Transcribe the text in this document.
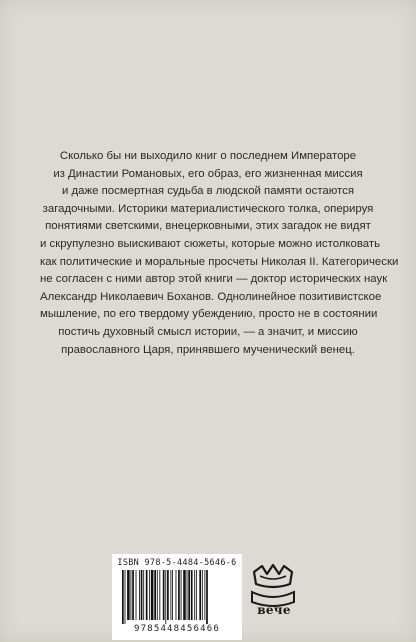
Сколько бы ни выходило книг о последнем Императоре
из Династии Романовых, его образ, его жизненная миссия
и даже посмертная судьба в людской памяти остаются
загадочными. Историки материалистического толка, оперируя
понятиями светскими, внецерковными, этих загадок не видят
и скрупулезно выискивают сюжеты, которые можно истолковать
как политические и моральные просчеты Николая II. Категорически
не согласен с ними автор этой книги — доктор исторических наук
Александр Николаевич Боханов. Однолинейное позитивистское
мышление, по его твердому убеждению, просто не в состоянии
постичь духовный смысл истории, — а значит, и миссию
православного Царя, принявшего мученический венец.
ISBN 978-5-4484-5646-6
9785448456466
вече
